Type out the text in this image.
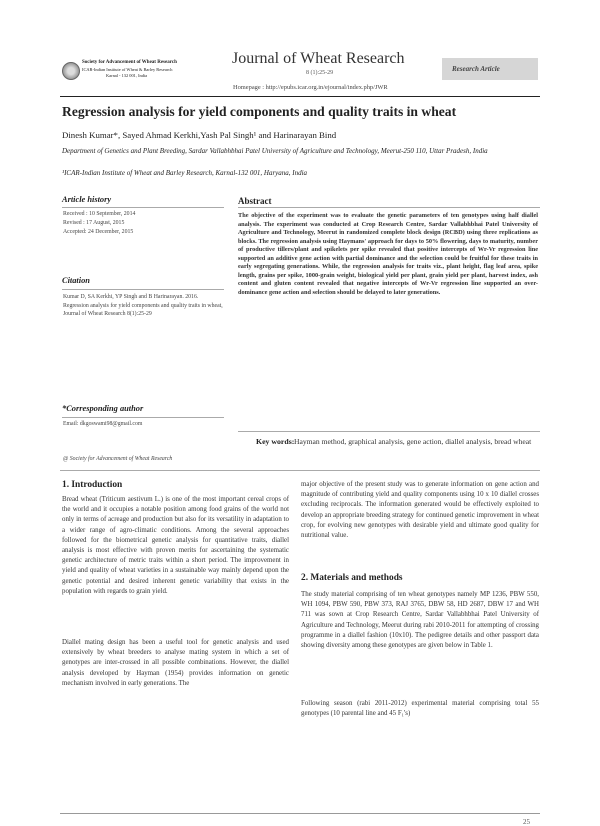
Society for Advancement of Wheat Research
ICAR-Indian Institute of Wheat & Barley Research
Karnal - 132 001, India
Journal of Wheat Research
8 (1):25-29
Homepage : http://epubs.icar.org.in/ejournal/index.php/JWR
Research Article
Regression analysis for yield components and quality traits in wheat
Dinesh Kumar*, Sayed Ahmad Kerkhi,Yash Pal Singh¹ and Harinarayan Bind
Department of Genetics and Plant Breeding, Sardar Vallabhbhai Patel University of Agriculture and Technology, Meerut-250 110, Uttar Pradesh, India
¹ICAR-Indian Institute of Wheat and Barley Research, Karnal-132 001, Haryana, India
Article history
Received : 10 September, 2014
Revised : 17 August, 2015
Accepted: 24 December, 2015
Citation
Kumar D, SA Kerkhi, YP Singh and B Harinarayan. 2016. Regression analysis for yield components and quality traits in wheat, Journal of Wheat Research 8(1):25-29
*Corresponding author
Email: dkgoswami98@gmail.com
@ Society for Advancement of Wheat Research
Abstract
The objective of the experiment was to evaluate the genetic parameters of ten genotypes using half diallel analysis. The experiment was conducted at Crop Research Centre, Sardar Vallabhbhai Patel University of Agriculture and Technology, Meerut in randomized complete block design (RCBD) using three replications as blocks. The regression analysis using Haymans' approach for days to 50% flowering, days to maturity, number of productive tillers/plant and spikelets per spike revealed that positive intercepts of Wr-Vr regression line supported an additive gene action with partial dominance and the selection could be fruitful for these traits in early segregating generations. While, the regression analysis for traits viz., plant height, flag leaf area, spike length, grains per spike, 1000-grain weight, biological yield per plant, grain yield per plant, harvest index, ash content and gluten content revealed that negative intercepts of Wr-Vr regression line supported an over-dominance gene action and selection should be delayed to later generations.
Key words: Hayman method, graphical analysis, gene action, diallel analysis, bread wheat
1. Introduction
Bread wheat (Triticum aestivum L.) is one of the most important cereal crops of the world and it occupies a notable position among food grains of the world not only in terms of acreage and production but also for its versatility in adaptation to a wider range of agro-climatic conditions. Among the several approaches followed for the biometrical genetic analysis for quantitative traits, diallel analysis is most effective with proven merits for ascertaining the systematic genetic architecture of metric traits within a short period. The improvement in yield and quality of wheat varieties in a sustainable way mainly depend upon the genetic potential and desired inherent genetic variability that exists in the population with regards to grain yield.
Diallel mating design has been a useful tool for genetic analysis and used extensively by wheat breeders to analyse mating system in which a set of genotypes are inter-crossed in all possible combinations. However, the diallel analysis developed by Hayman (1954) provides information on genetic mechanism involved in early generations. The
major objective of the present study was to generate information on gene action and magnitude of contributing yield and quality components using 10 x 10 diallel crosses excluding reciprocals. The information generated would be effectively exploited to develop an appropriate breeding strategy for continued genetic improvement in wheat crop, for evolving new genotypes with desirable yield and ultimate good quality for nutritional value.
2. Materials and methods
The study material comprising of ten wheat genotypes namely MP 1236, PBW 550, WH 1094, PBW 590, PBW 373, RAJ 3765, DBW 58, HD 2687, DBW 17 and WH 711 was sown at Crop Research Centre, Sardar Vallabhbhai Patel University of Agriculture and Technology, Meerut during rabi 2010-2011 for attempting of crossing programme in a diallel fashion (10x10). The pedigree details and other passport data showing diversity among these genotypes are given below in Table 1.
Following season (rabi 2011-2012) experimental material comprising total 55 genotypes (10 parental line and 45 F₁'s)
25
